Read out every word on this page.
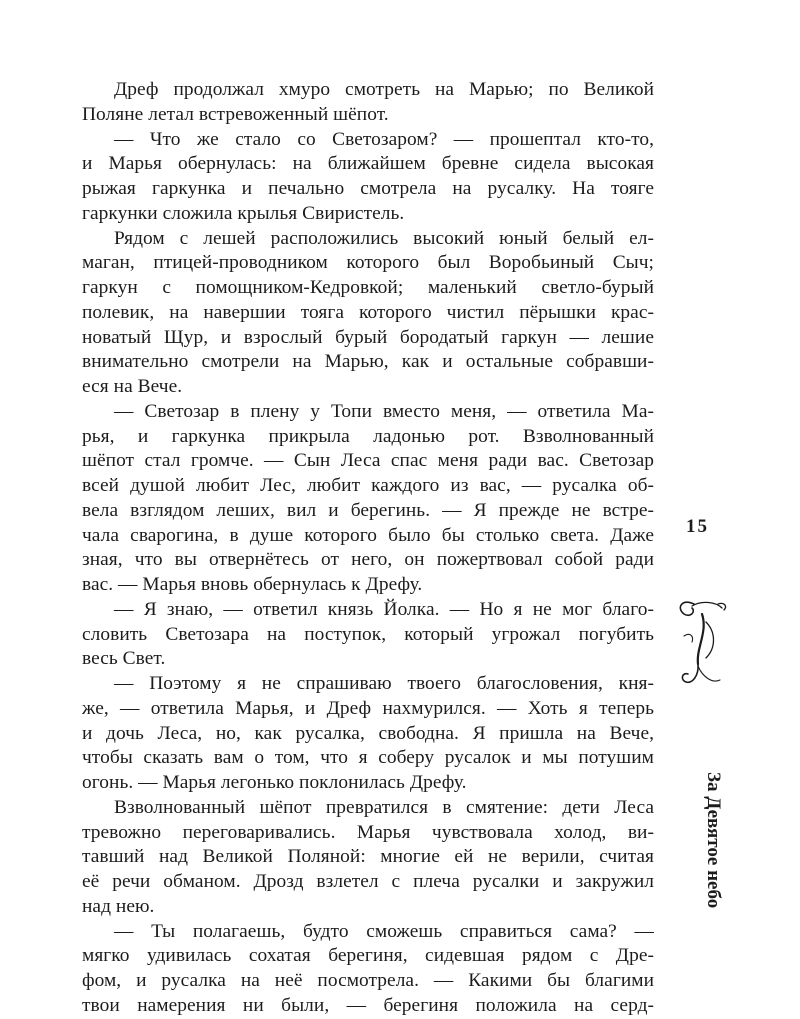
Дреф продолжал хмуро смотреть на Марью; по Великой
Поляне летал встревоженный шёпот.
— Что же стало со Светозаром? — прошептал кто-то,
и Марья обернулась: на ближайшем бревне сидела высокая
рыжая гаркунка и печально смотрела на русалку. На тояге
гаркунки сложила крылья Свиристель.
Рядом с лешей расположились высокий юный белый ел-
маган, птицей-проводником которого был Воробьиный Сыч;
гаркун с помощником-Кедровкой; маленький светло-бурый
полевик, на навершии тояга которого чистил пёрышки крас-
новатый Щур, и взрослый бурый бородатый гаркун — лешие
внимательно смотрели на Марью, как и остальные собравши-
еся на Вече.
— Светозар в плену у Топи вместо меня, — ответила Ма-
рья, и гаркунка прикрыла ладонью рот. Взволнованный
шёпот стал громче. — Сын Леса спас меня ради вас. Светозар
всей душой любит Лес, любит каждого из вас, — русалка об-
вела взглядом леших, вил и берегинь. — Я прежде не встре-
чала сварогина, в душе которого было бы столько света. Даже
зная, что вы отвернётесь от него, он пожертвовал собой ради
вас. — Марья вновь обернулась к Дрефу.
— Я знаю, — ответил князь Йолка. — Но я не мог благо-
словить Светозара на поступок, который угрожал погубить
весь Свет.
— Поэтому я не спрашиваю твоего благословения, кня-
же, — ответила Марья, и Дреф нахмурился. — Хоть я теперь
и дочь Леса, но, как русалка, свободна. Я пришла на Вече,
чтобы сказать вам о том, что я соберу русалок и мы потушим
огонь. — Марья легонько поклонилась Дрефу.
Взволнованный шёпот превратился в смятение: дети Леса
тревожно переговаривались. Марья чувствовала холод, ви-
тавший над Великой Поляной: многие ей не верили, считая
её речи обманом. Дрозд взлетел с плеча русалки и закружил
над нею.
— Ты полагаешь, будто сможешь справиться сама? —
мягко удивилась сохатая берегиня, сидевшая рядом с Дре-
фом, и русалка на неё посмотрела. — Какими бы благими
твои намерения ни были, — берегиня положила на серд-
15
За Девятое небо
